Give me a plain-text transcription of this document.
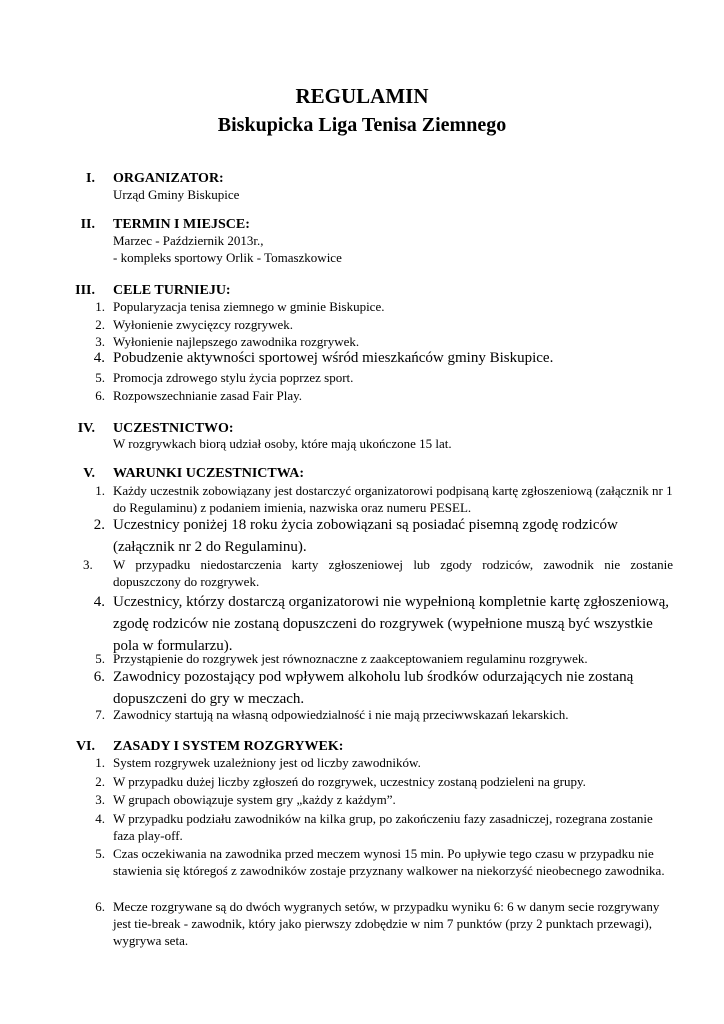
REGULAMIN
Biskupicka Liga Tenisa Ziemnego
I. ORGANIZATOR:
Urząd Gminy Biskupice
II. TERMIN I MIEJSCE:
Marzec - Październik 2013r.,
- kompleks sportowy Orlik - Tomaszkowice
III. CELE TURNIEJU:
1. Popularyzacja tenisa ziemnego w gminie Biskupice.
2. Wyłonienie zwycięzcy rozgrywek.
3. Wyłonienie najlepszego zawodnika rozgrywek.
4. Pobudzenie aktywności sportowej wśród mieszkańców gminy Biskupice.
5. Promocja zdrowego stylu życia poprzez sport.
6. Rozpowszechnianie zasad Fair Play.
IV. UCZESTNICTWO:
W rozgrywkach biorą udział osoby, które mają ukończone 15 lat.
V. WARUNKI UCZESTNICTWA:
1. Każdy uczestnik zobowiązany jest dostarczyć organizatorowi podpisaną kartę zgłoszeniową (załącznik nr 1 do Regulaminu) z podaniem imienia, nazwiska oraz numeru PESEL.
2. Uczestnicy poniżej 18 roku życia zobowiązani są posiadać pisemną zgodę rodziców (załącznik nr 2 do Regulaminu).
3.	W przypadku niedostarczenia karty zgłoszeniowej lub zgody rodziców, zawodnik nie zostanie dopuszczony do rozgrywek.
4. Uczestnicy, którzy dostarczą organizatorowi nie wypełnioną kompletnie kartę zgłoszeniową, zgodę rodziców nie zostaną dopuszczeni do rozgrywek (wypełnione muszą być wszystkie pola w formularzu).
5. Przystąpienie do rozgrywek jest równoznaczne z zaakceptowaniem regulaminu rozgrywek.
6. Zawodnicy pozostający pod wpływem alkoholu lub środków odurzających nie zostaną dopuszczeni do gry w meczach.
7. Zawodnicy startują na własną odpowiedzialność i nie mają przeciwwskazań lekarskich.
VI. ZASADY I SYSTEM ROZGRYWEK:
1. System rozgrywek uzależniony jest od liczby zawodników.
2. W przypadku dużej liczby zgłoszeń do rozgrywek, uczestnicy zostaną podzieleni na grupy.
3. W grupach obowiązuje system gry „każdy z każdym”.
4. W przypadku podziału zawodników na kilka grup, po zakończeniu fazy zasadniczej, rozegrana zostanie faza play-off.
5. Czas oczekiwania na zawodnika przed meczem wynosi 15 min. Po upływie tego czasu w przypadku nie stawienia się któregoś z zawodników zostaje przyznany walkower na niekorzyść nieobecnego zawodnika.
6. Mecze rozgrywane są do dwóch wygranych setów, w przypadku wyniku 6: 6 w danym secie rozgrywany jest tie-break - zawodnik, który jako pierwszy zdobędzie w nim 7 punktów (przy 2 punktach przewagi), wygrywa seta.
